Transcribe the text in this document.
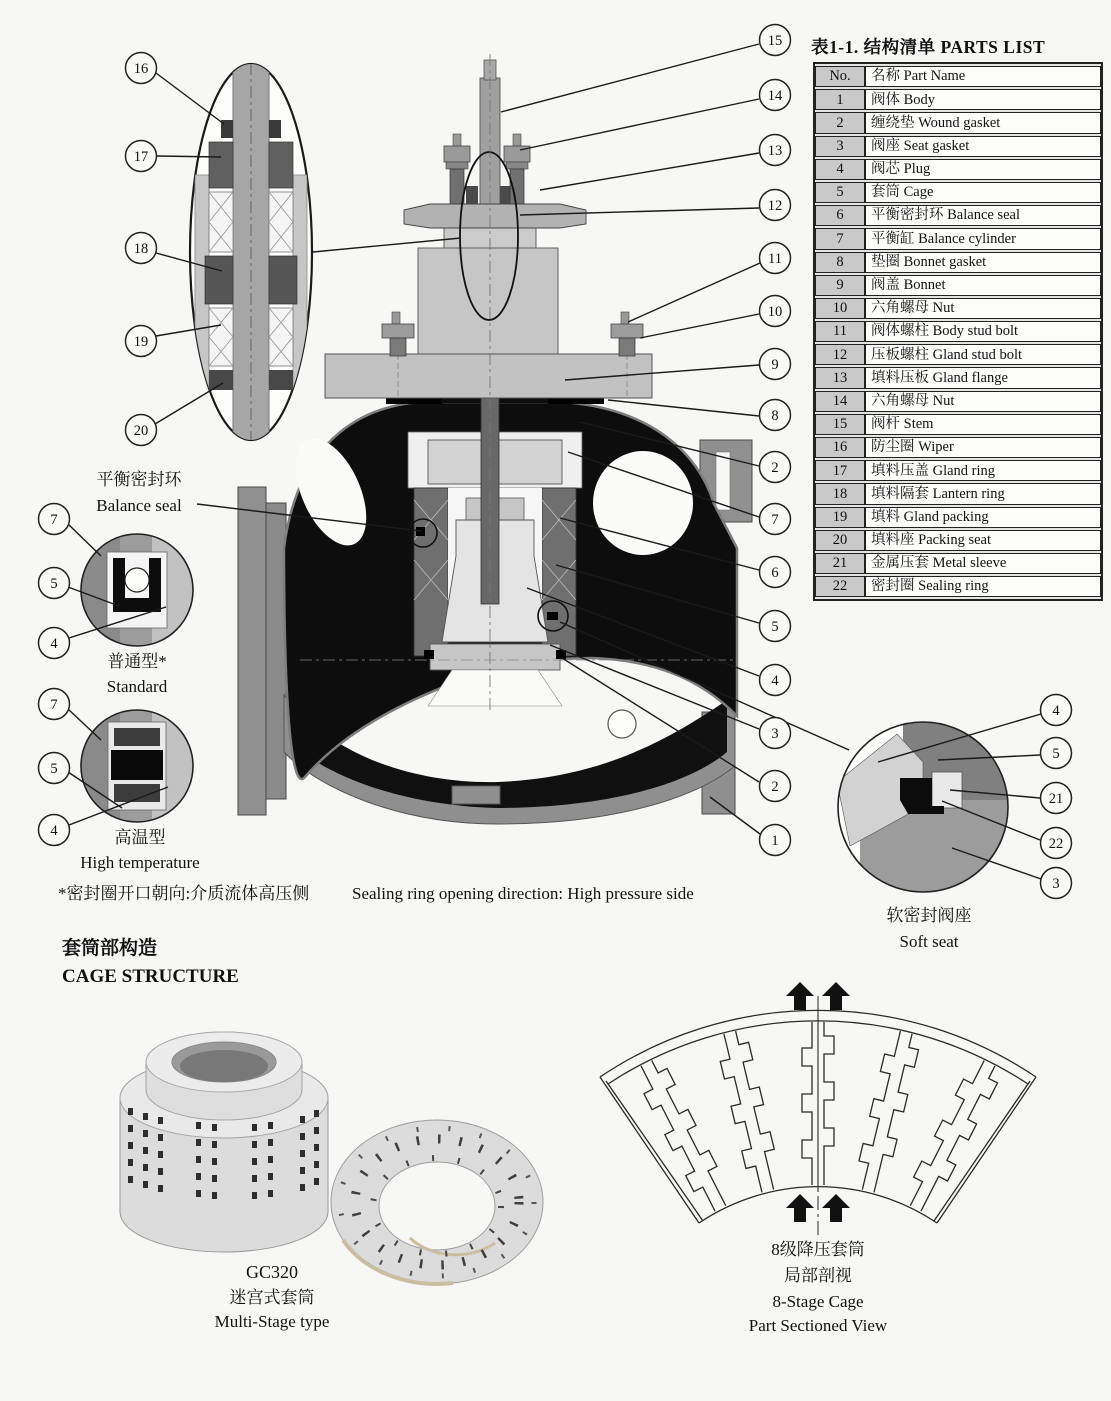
16
17
18
19
20
15
14
13
12
11
10
9
8
2
7
6
5
4
3
2
1
7
5
4
7
5
4
4
5
21
22
3
表1-1. 结构清单 PARTS LIST
No.	名称 Part Name
1	阀体 Body
2	缠绕垫 Wound gasket
3	阀座 Seat gasket
4	阀芯 Plug
5	套筒 Cage
6	平衡密封环 Balance seal
7	平衡缸 Balance cylinder
8	垫圈 Bonnet gasket
9	阀盖 Bonnet
10	六角螺母 Nut
11	阀体螺柱 Body stud bolt
12	压板螺柱 Gland stud bolt
13	填料压板 Gland flange
14	六角螺母 Nut
15	阀杆 Stem
16	防尘圈 Wiper
17	填料压盖 Gland ring
18	填料隔套 Lantern ring
19	填料 Gland packing
20	填料座 Packing seat
21	金属压套 Metal sleeve
22	密封圈 Sealing ring
平衡密封环
Balance seal
普通型*
Standard
高温型
High temperature
*密封圈开口朝向:介质流体高压侧	Sealing ring opening direction: High pressure side
套筒部构造
CAGE STRUCTURE
GC320
迷宫式套筒
Multi-Stage type
8级降压套筒
局部剖视
8-Stage Cage
Part Sectioned View
软密封阀座
Soft seat
